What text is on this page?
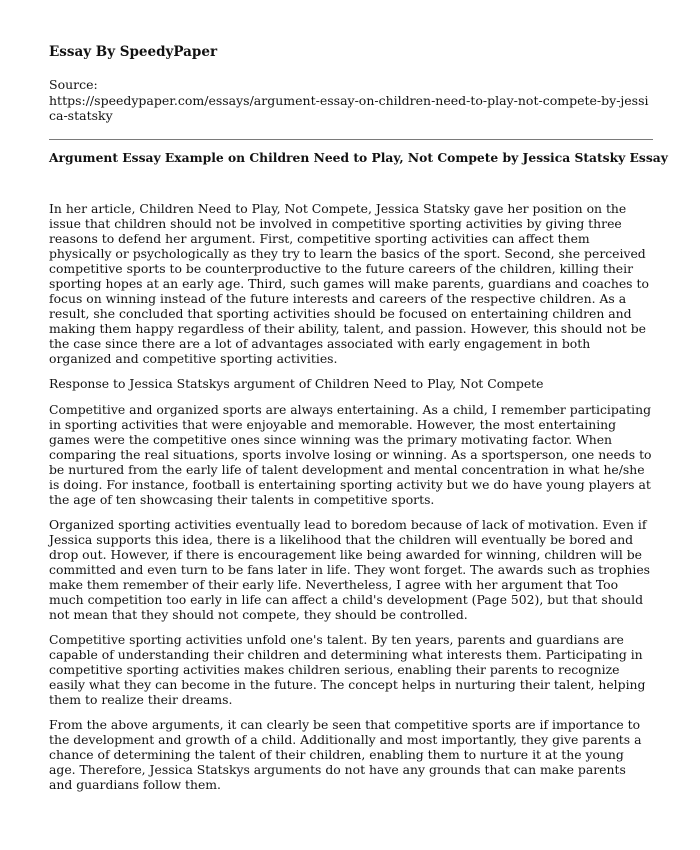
Essay By SpeedyPaper
Source:
https://speedypaper.com/essays/argument-essay-on-children-need-to-play-not-compete-by-jessica-statsky
Argument Essay Example on Children Need to Play, Not Compete by Jessica Statsky Essay

In her article, Children Need to Play, Not Compete, Jessica Statsky gave her position on the issue that children should not be involved in competitive sporting activities by giving three reasons to defend her argument. First, competitive sporting activities can affect them physically or psychologically as they try to learn the basics of the sport. Second, she perceived competitive sports to be counterproductive to the future careers of the children, killing their sporting hopes at an early age. Third, such games will make parents, guardians and coaches to focus on winning instead of the future interests and careers of the respective children. As a result, she concluded that sporting activities should be focused on entertaining children and making them happy regardless of their ability, talent, and passion. However, this should not be the case since there are a lot of advantages associated with early engagement in both organized and competitive sporting activities.

Response to Jessica Statskys argument of Children Need to Play, Not Compete

Competitive and organized sports are always entertaining. As a child, I remember participating in sporting activities that were enjoyable and memorable. However, the most entertaining games were the competitive ones since winning was the primary motivating factor. When comparing the real situations, sports involve losing or winning. As a sportsperson, one needs to be nurtured from the early life of talent development and mental concentration in what he/she is doing. For instance, football is entertaining sporting activity but we do have young players at the age of ten showcasing their talents in competitive sports.

Organized sporting activities eventually lead to boredom because of lack of motivation. Even if Jessica supports this idea, there is a likelihood that the children will eventually be bored and drop out. However, if there is encouragement like being awarded for winning, children will be committed and even turn to be fans later in life. They wont forget. The awards such as trophies make them remember of their early life. Nevertheless, I agree with her argument that Too much competition too early in life can affect a child's development (Page 502), but that should not mean that they should not compete, they should be controlled.

Competitive sporting activities unfold one's talent. By ten years, parents and guardians are capable of understanding their children and determining what interests them. Participating in competitive sporting activities makes children serious, enabling their parents to recognize easily what they can become in the future. The concept helps in nurturing their talent, helping them to realize their dreams.

From the above arguments, it can clearly be seen that competitive sports are if importance to the development and growth of a child. Additionally and most importantly, they give parents a chance of determining the talent of their children, enabling them to nurture it at the young age. Therefore, Jessica Statskys arguments do not have any grounds that can make parents and guardians follow them.
